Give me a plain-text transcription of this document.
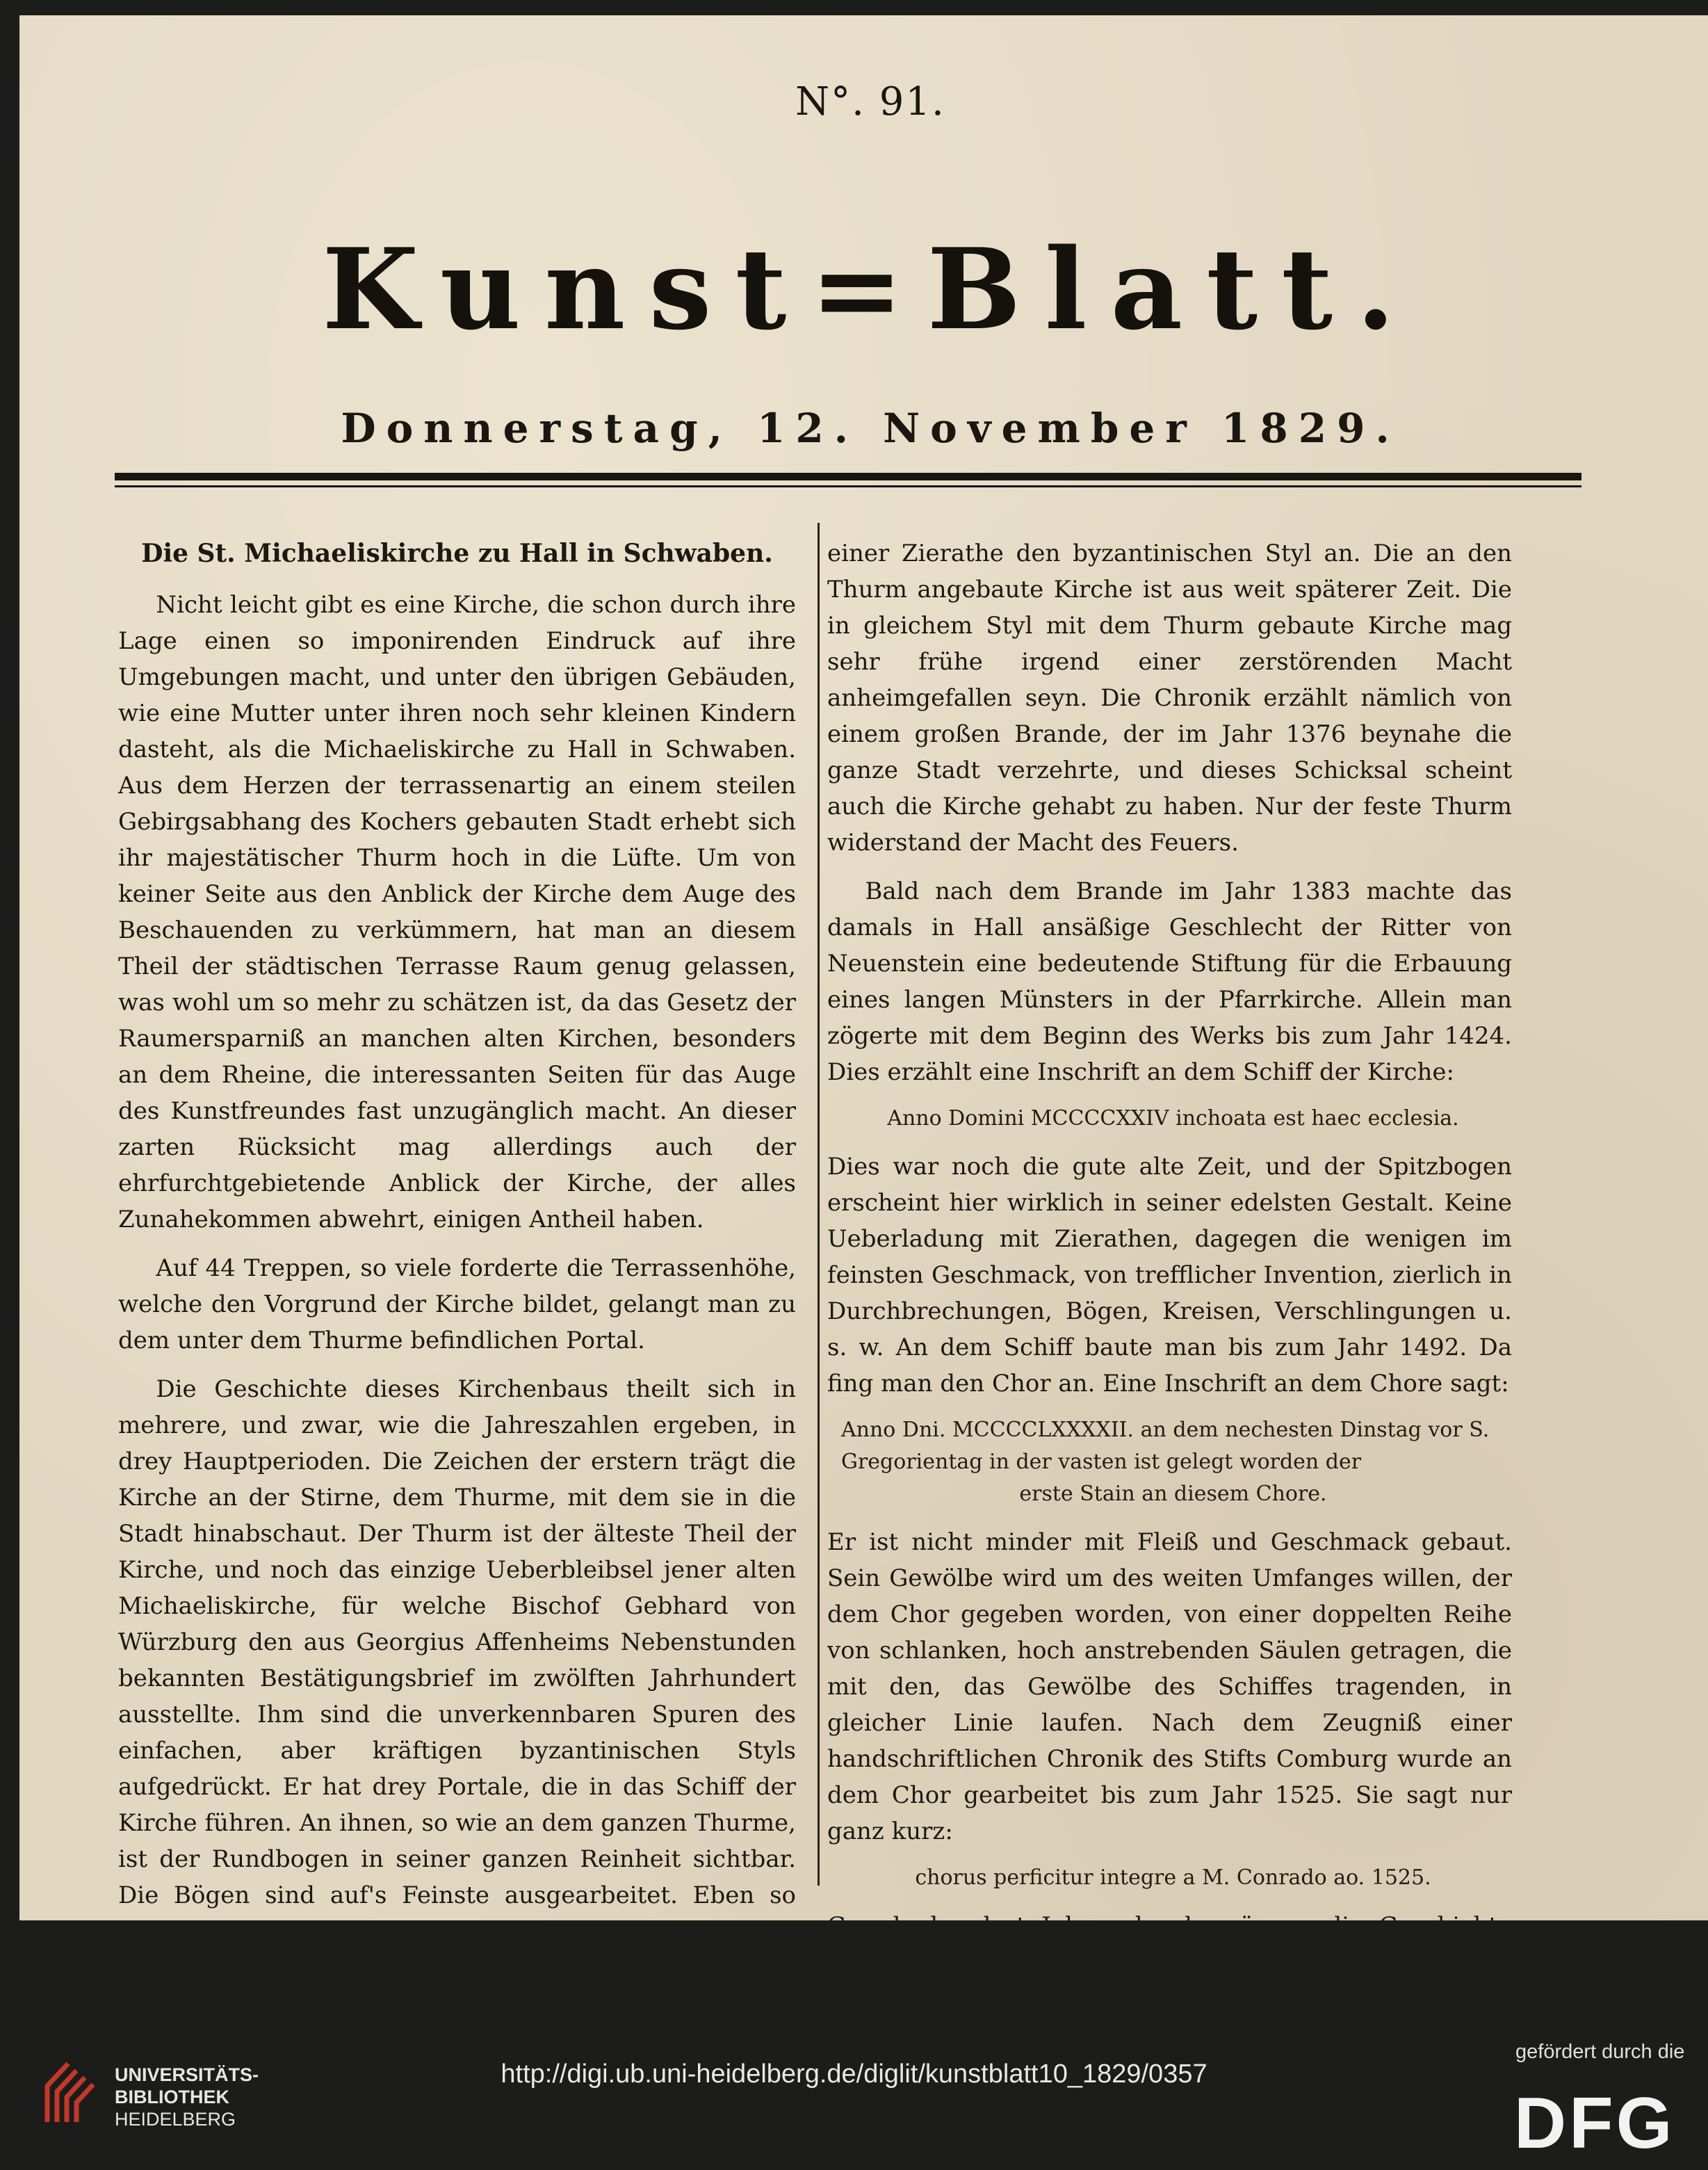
N°. 91.
Kunst=Blatt.
Donnerstag, 12. November 1829.
Die St. Michaeliskirche zu Hall in Schwaben.

Nicht leicht gibt es eine Kirche, die schon durch ihre Lage einen so imponirenden Eindruck auf ihre Umgebungen macht, und unter den übrigen Gebäuden, wie eine Mutter unter ihren noch sehr kleinen Kindern dasteht, als die Michaeliskirche zu Hall in Schwaben. Aus dem Herzen der terrassenartig an einem steilen Gebirgsabhang des Kochers gebauten Stadt erhebt sich ihr majestätischer Thurm hoch in die Lüfte. Um von keiner Seite aus den Anblick der Kirche dem Auge des Beschauenden zu verkümmern, hat man an diesem Theil der städtischen Terrasse Raum genug gelassen, was wohl um so mehr zu schätzen ist, da das Gesetz der Raumersparniß an manchen alten Kirchen, besonders an dem Rheine, die interessanten Seiten für das Auge des Kunstfreundes fast unzugänglich macht. An dieser zarten Rücksicht mag allerdings auch der ehrfurchtgebietende Anblick der Kirche, der alles Zunahekommen abwehrt, einigen Antheil haben.

Auf 44 Treppen, so viele forderte die Terrassenhöhe, welche den Vorgrund der Kirche bildet, gelangt man zu dem unter dem Thurme befindlichen Portal.

Die Geschichte dieses Kirchenbaus theilt sich in mehrere, und zwar, wie die Jahreszahlen ergeben, in drey Hauptperioden. Die Zeichen der erstern trägt die Kirche an der Stirne, dem Thurme, mit dem sie in die Stadt hinabschaut. Der Thurm ist der älteste Theil der Kirche, und noch das einzige Ueberbleibsel jener alten Michaeliskirche, für welche Bischof Gebhard von Würzburg den aus Georgius Affenheims Nebenstunden bekannten Bestätigungsbrief im zwölften Jahrhundert ausstellte. Ihm sind die unverkennbaren Spuren des einfachen, aber kräftigen byzantinischen Styls aufgedrückt. Er hat drey Portale, die in das Schiff der Kirche führen. An ihnen, so wie an dem ganzen Thurme, ist der Rundbogen in seiner ganzen Reinheit sichtbar. Die Bögen sind auf's Feinste ausgearbeitet. Eben so

einer Zierathe den byzantinischen Styl an. Die an den Thurm angebaute Kirche ist aus weit späterer Zeit. Die in gleichem Styl mit dem Thurm gebaute Kirche mag sehr frühe irgend einer zerstörenden Macht anheimgefallen seyn. Die Chronik erzählt nämlich von einem großen Brande, der im Jahr 1376 beynahe die ganze Stadt verzehrte, und dieses Schicksal scheint auch die Kirche gehabt zu haben. Nur der feste Thurm widerstand der Macht des Feuers.

Bald nach dem Brande im Jahr 1383 machte das damals in Hall ansäßige Geschlecht der Ritter von Neuenstein eine bedeutende Stiftung für die Erbauung eines langen Münsters in der Pfarrkirche. Allein man zögerte mit dem Beginn des Werks bis zum Jahr 1424. Dies erzählt eine Inschrift an dem Schiff der Kirche:

Anno Domini MCCCCXXIV inchoata est haec ecclesia.

Dies war noch die gute alte Zeit, und der Spitzbogen erscheint hier wirklich in seiner edelsten Gestalt. Keine Ueberladung mit Zierathen, dagegen die wenigen im feinsten Geschmack, von trefflicher Invention, zierlich in Durchbrechungen, Bögen, Kreisen, Verschlingungen u. s. w. An dem Schiff baute man bis zum Jahr 1492. Da fing man den Chor an. Eine Inschrift an dem Chore sagt:

Anno Dni. MCCCCLXXXXII. an dem nechesten Dinstag vor S. Gregorientag in der vasten ist gelegt worden der
erste Stain an diesem Chore.

Er ist nicht minder mit Fleiß und Geschmack gebaut. Sein Gewölbe wird um des weiten Umfanges willen, der dem Chor gegeben worden, von einer doppelten Reihe von schlanken, hoch anstrebenden Säulen getragen, die mit den, das Gewölbe des Schiffes tragenden, in gleicher Linie laufen. Nach dem Zeugniß einer handschriftlichen Chronik des Stifts Comburg wurde an dem Chor gearbeitet bis zum Jahr 1525. Sie sagt nur ganz kurz:

chorus perficitur integre a M. Conrado ao. 1525.

UNIVERSITÄTS-
BIBLIOTHEK
HEIDELBERG
http://digi.ub.uni-heidelberg.de/diglit/kunstblatt10_1829/0357
gefördert durch die
DFG
